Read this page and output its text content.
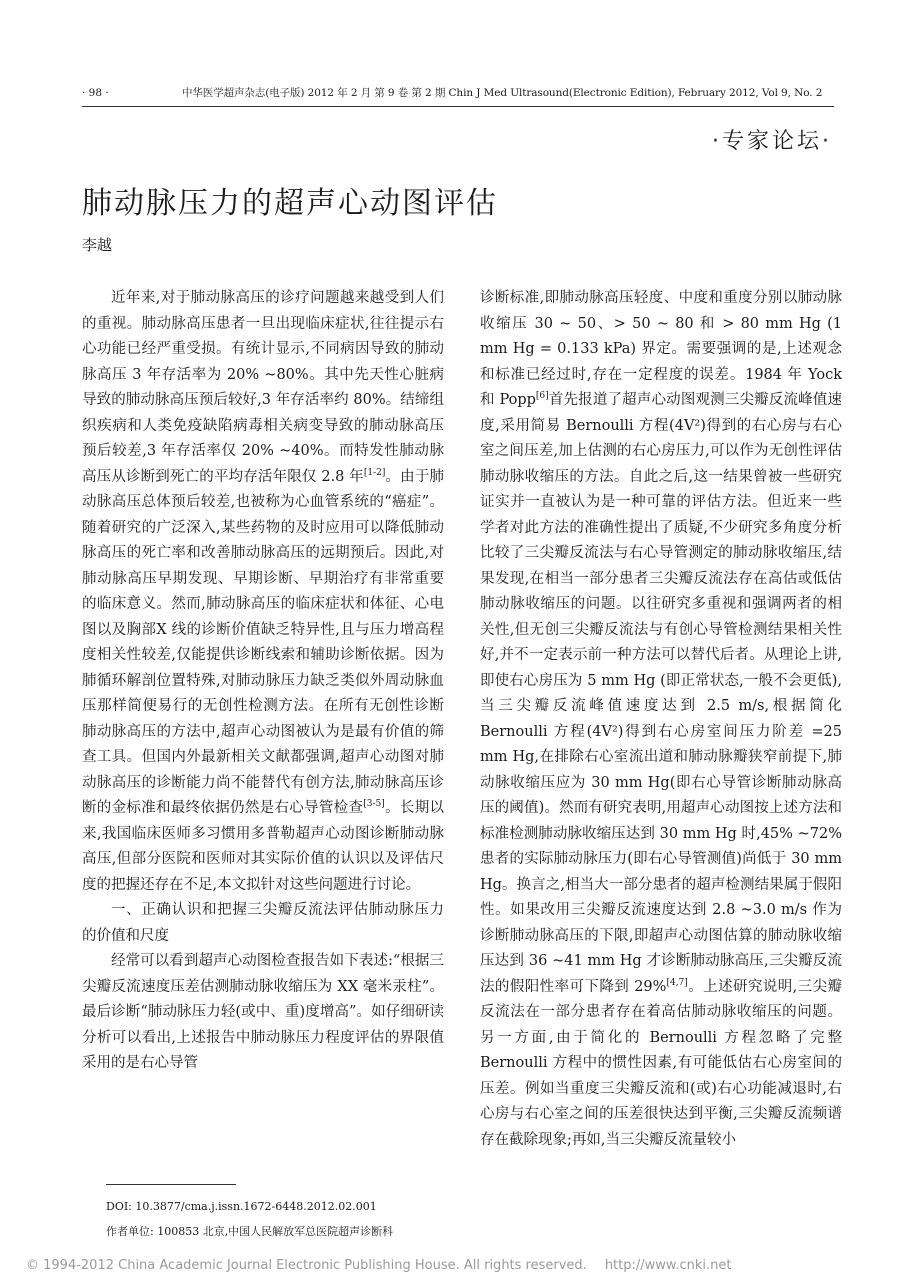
· 98 ·	中华医学超声杂志(电子版) 2012 年 2 月 第 9 卷 第 2 期 Chin J Med Ultrasound(Electronic Edition), February 2012, Vol 9, No. 2
·专家论坛·
肺动脉压力的超声心动图评估
李越

近年来,对于肺动脉高压的诊疗问题越来越受到人们的重视。肺动脉高压患者一旦出现临床症状,往往提示右心功能已经严重受损。有统计显示,不同病因导致的肺动脉高压 3 年存活率为 20% ~80%。其中先天性心脏病导致的肺动脉高压预后较好,3 年存活率约 80%。结缔组织疾病和人类免疫缺陷病毒相关病变导致的肺动脉高压预后较差,3 年存活率仅 20% ~40%。而特发性肺动脉高压从诊断到死亡的平均存活年限仅 2.8 年[1-2]。由于肺动脉高压总体预后较差,也被称为心血管系统的“癌症”。随着研究的广泛深入,某些药物的及时应用可以降低肺动脉高压的死亡率和改善肺动脉高压的远期预后。因此,对肺动脉高压早期发现、早期诊断、早期治疗有非常重要的临床意义。然而,肺动脉高压的临床症状和体征、心电图以及胸部X 线的诊断价值缺乏特异性,且与压力增高程度相关性较差,仅能提供诊断线索和辅助诊断依据。因为肺循环解剖位置特殊,对肺动脉压力缺乏类似外周动脉血压那样简便易行的无创性检测方法。在所有无创性诊断肺动脉高压的方法中,超声心动图被认为是最有价值的筛查工具。但国内外最新相关文献都强调,超声心动图对肺动脉高压的诊断能力尚不能替代有创方法,肺动脉高压诊断的金标准和最终依据仍然是右心导管检查[3-5]。长期以来,我国临床医师多习惯用多普勒超声心动图诊断肺动脉高压,但部分医院和医师对其实际价值的认识以及评估尺度的把握还存在不足,本文拟针对这些问题进行讨论。

一、正确认识和把握三尖瓣反流法评估肺动脉压力的价值和尺度

经常可以看到超声心动图检查报告如下表述:“根据三尖瓣反流速度压差估测肺动脉收缩压为 XX 毫米汞柱”。最后诊断“肺动脉压力轻(或中、重)度增高”。如仔细研读分析可以看出,上述报告中肺动脉压力程度评估的界限值采用的是右心导管

诊断标准,即肺动脉高压轻度、中度和重度分别以肺动脉收缩压 30 ~ 50、> 50 ~ 80 和 > 80 mm Hg (1 mm Hg = 0.133 kPa) 界定。需要强调的是,上述观念和标准已经过时,存在一定程度的误差。1984 年 Yock 和 Popp[6]首先报道了超声心动图观测三尖瓣反流峰值速度,采用简易 Bernoulli 方程(4V²)得到的右心房与右心室之间压差,加上估测的右心房压力,可以作为无创性评估肺动脉收缩压的方法。自此之后,这一结果曾被一些研究证实并一直被认为是一种可靠的评估方法。但近来一些学者对此方法的准确性提出了质疑,不少研究多角度分析比较了三尖瓣反流法与右心导管测定的肺动脉收缩压,结果发现,在相当一部分患者三尖瓣反流法存在高估或低估肺动脉收缩压的问题。以往研究多重视和强调两者的相关性,但无创三尖瓣反流法与有创心导管检测结果相关性好,并不一定表示前一种方法可以替代后者。从理论上讲,即使右心房压为 5 mm Hg (即正常状态,一般不会更低),当三尖瓣反流峰值速度达到 2.5 m/s,根据简化 Bernoulli 方程(4V²)得到右心房室间压力阶差 =25 mm Hg,在排除右心室流出道和肺动脉瓣狭窄前提下,肺动脉收缩压应为 30 mm Hg(即右心导管诊断肺动脉高压的阈值)。然而有研究表明,用超声心动图按上述方法和标准检测肺动脉收缩压达到 30 mm Hg 时,45% ~72%患者的实际肺动脉压力(即右心导管测值)尚低于 30 mm Hg。换言之,相当大一部分患者的超声检测结果属于假阳性。如果改用三尖瓣反流速度达到 2.8 ~3.0 m/s 作为诊断肺动脉高压的下限,即超声心动图估算的肺动脉收缩压达到 36 ~41 mm Hg 才诊断肺动脉高压,三尖瓣反流法的假阳性率可下降到 29%[4,7]。上述研究说明,三尖瓣反流法在一部分患者存在着高估肺动脉收缩压的问题。另一方面,由于简化的 Bernoulli 方程忽略了完整 Bernoulli 方程中的惯性因素,有可能低估右心房室间的压差。例如当重度三尖瓣反流和(或)右心功能减退时,右心房与右心室之间的压差很快达到平衡,三尖瓣反流频谱存在截除现象;再如,当三尖瓣反流量较小

DOI: 10.3877/cma.j.issn.1672-6448.2012.02.001
作者单位: 100853 北京,中国人民解放军总医院超声诊断科
© 1994-2012 China Academic Journal Electronic Publishing House. All rights reserved. http://www.cnki.net
